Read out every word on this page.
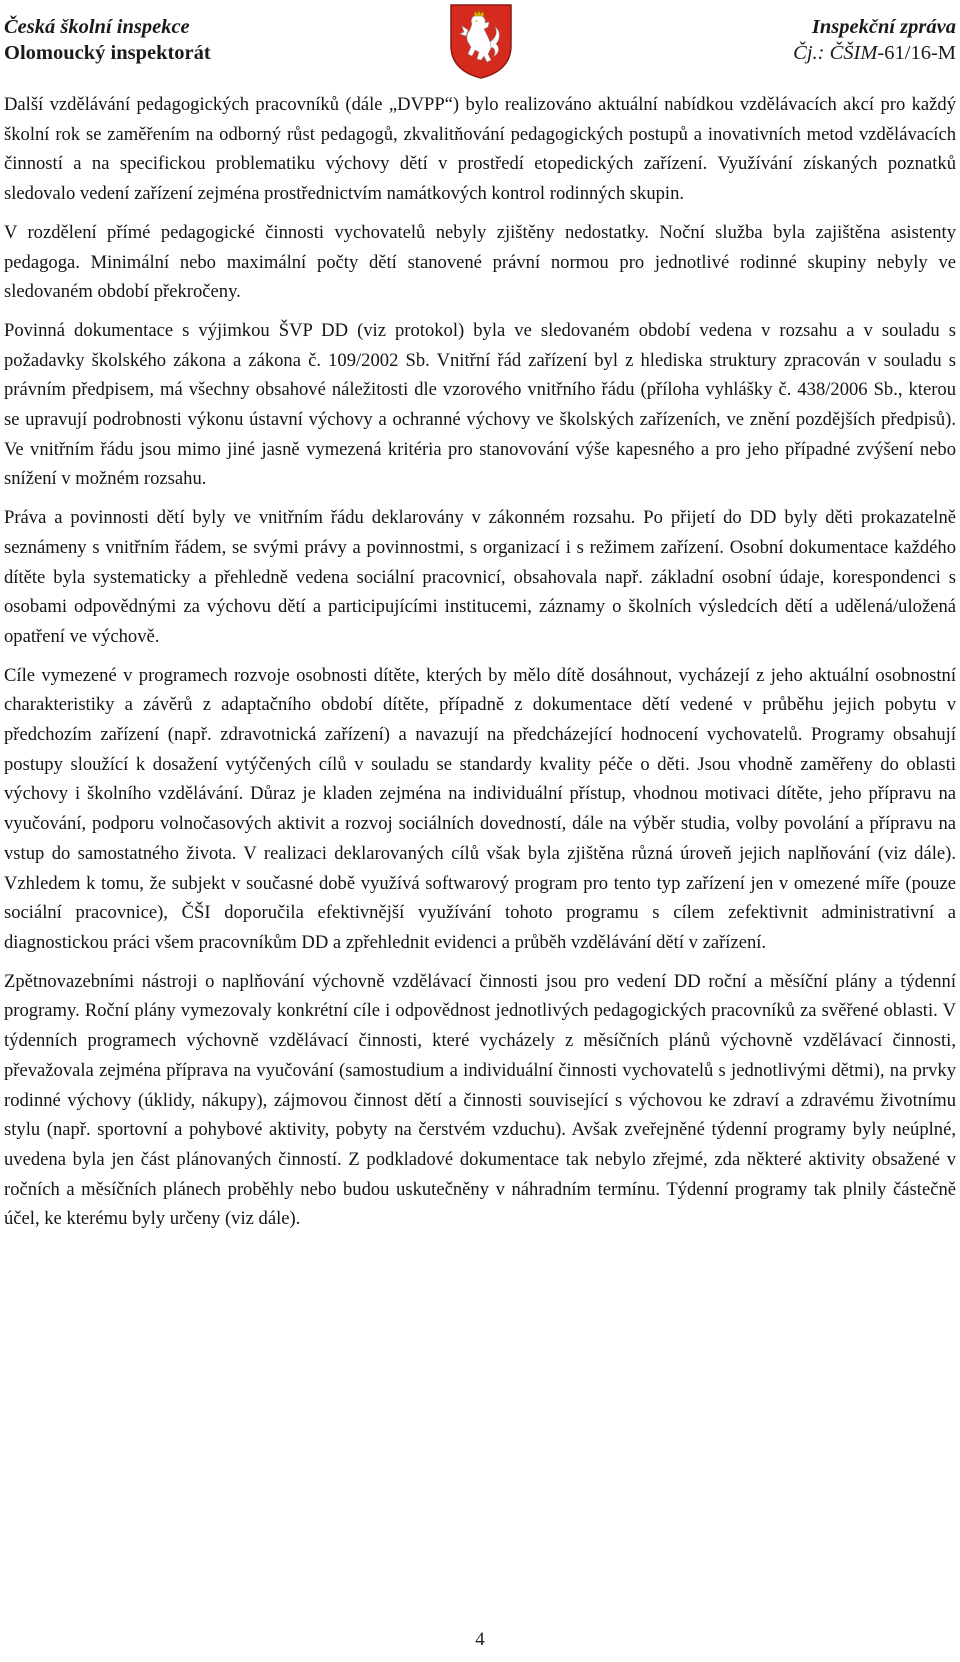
Česká školní inspekce
Olomoucký inspektorát
Inspekční zpráva
Čj.: ČŠIM-61/16-M

Další vzdělávání pedagogických pracovníků (dále „DVPP“) bylo realizováno aktuální nabídkou vzdělávacích akcí pro každý školní rok se zaměřením na odborný růst pedagogů, zkvalitňování pedagogických postupů a inovativních metod vzdělávacích činností a na specifickou problematiku výchovy dětí v prostředí etopedických zařízení. Využívání získaných poznatků sledovalo vedení zařízení zejména prostřednictvím namátkových kontrol rodinných skupin.

V rozdělení přímé pedagogické činnosti vychovatelů nebyly zjištěny nedostatky. Noční služba byla zajištěna asistenty pedagoga. Minimální nebo maximální počty dětí stanovené právní normou pro jednotlivé rodinné skupiny nebyly ve sledovaném období překročeny.

Povinná dokumentace s výjimkou ŠVP DD (viz protokol) byla ve sledovaném období vedena v rozsahu a v souladu s požadavky školského zákona a zákona č. 109/2002 Sb. Vnitřní řád zařízení byl z hlediska struktury zpracován v souladu s právním předpisem, má všechny obsahové náležitosti dle vzorového vnitřního řádu (příloha vyhlášky č. 438/2006 Sb., kterou se upravují podrobnosti výkonu ústavní výchovy a ochranné výchovy ve školských zařízeních, ve znění pozdějších předpisů). Ve vnitřním řádu jsou mimo jiné jasně vymezená kritéria pro stanovování výše kapesného a pro jeho případné zvýšení nebo snížení v možném rozsahu.

Práva a povinnosti dětí byly ve vnitřním řádu deklarovány v zákonném rozsahu. Po přijetí do DD byly děti prokazatelně seznámeny s vnitřním řádem, se svými právy a povinnostmi, s organizací i s režimem zařízení. Osobní dokumentace každého dítěte byla systematicky a přehledně vedena sociální pracovnicí, obsahovala např. základní osobní údaje, korespondenci s osobami odpovědnými za výchovu dětí a participujícími institucemi, záznamy o školních výsledcích dětí a udělená/uložená opatření ve výchově.

Cíle vymezené v programech rozvoje osobnosti dítěte, kterých by mělo dítě dosáhnout, vycházejí z jeho aktuální osobnostní charakteristiky a závěrů z adaptačního období dítěte, případně z dokumentace dětí vedené v průběhu jejich pobytu v předchozím zařízení (např. zdravotnická zařízení) a navazují na předcházející hodnocení vychovatelů. Programy obsahují postupy sloužící k dosažení vytýčených cílů v souladu se standardy kvality péče o děti. Jsou vhodně zaměřeny do oblasti výchovy i školního vzdělávání. Důraz je kladen zejména na individuální přístup, vhodnou motivaci dítěte, jeho přípravu na vyučování, podporu volnočasových aktivit a rozvoj sociálních dovedností, dále na výběr studia, volby povolání a přípravu na vstup do samostatného života. V realizaci deklarovaných cílů však byla zjištěna různá úroveň jejich naplňování (viz dále). Vzhledem k tomu, že subjekt v současné době využívá softwarový program pro tento typ zařízení jen v omezené míře (pouze sociální pracovnice), ČŠI doporučila efektivnější využívání tohoto programu s cílem zefektivnit administrativní a diagnostickou práci všem pracovníkům DD a zpřehlednit evidenci a průběh vzdělávání dětí v zařízení.

Zpětnovazebními nástroji o naplňování výchovně vzdělávací činnosti jsou pro vedení DD roční a měsíční plány a týdenní programy. Roční plány vymezovaly konkrétní cíle i odpovědnost jednotlivých pedagogických pracovníků za svěřené oblasti. V týdenních programech výchovně vzdělávací činnosti, které vycházely z měsíčních plánů výchovně vzdělávací činnosti, převažovala zejména příprava na vyučování (samostudium a individuální činnosti vychovatelů s jednotlivými dětmi), na prvky rodinné výchovy (úklidy, nákupy), zájmovou činnost dětí a činnosti související s výchovou ke zdraví a zdravému životnímu stylu (např. sportovní a pohybové aktivity, pobyty na čerstvém vzduchu). Avšak zveřejněné týdenní programy byly neúplné, uvedena byla jen část plánovaných činností. Z podkladové dokumentace tak nebylo zřejmé, zda některé aktivity obsažené v ročních a měsíčních plánech proběhly nebo budou uskutečněny v náhradním termínu. Týdenní programy tak plnily částečně účel, ke kterému byly určeny (viz dále).

4
